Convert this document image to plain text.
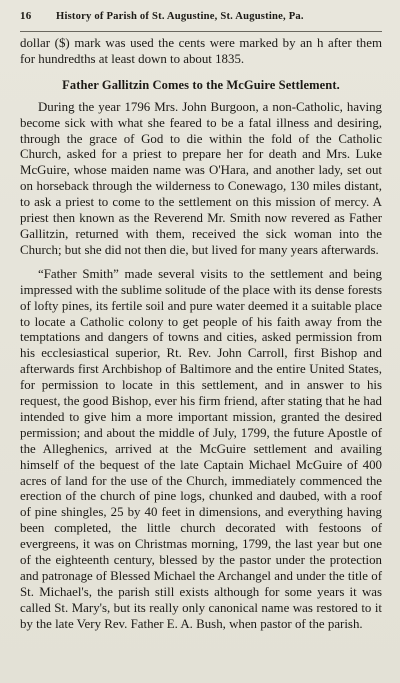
16	History of Parish of St. Augustine, St. Augustine, Pa.

dollar ($) mark was used the cents were marked by an h after them for hundredths at least down to about 1835.

Father Gallitzin Comes to the McGuire Settlement.

During the year 1796 Mrs. John Burgoon, a non-Catholic, having become sick with what she feared to be a fatal illness and desiring, through the grace of God to die within the fold of the Catholic Church, asked for a priest to prepare her for death and Mrs. Luke McGuire, whose maiden name was O'Hara, and another lady, set out on horseback through the wilderness to Conewago, 130 miles distant, to ask a priest to come to the settlement on this mission of mercy. A priest then known as the Reverend Mr. Smith now revered as Father Gallitzin, returned with them, received the sick woman into the Church; but she did not then die, but lived for many years afterwards.

“Father Smith” made several visits to the settlement and being impressed with the sublime solitude of the place with its dense forests of lofty pines, its fertile soil and pure water deemed it a suitable place to locate a Catholic colony to get people of his faith away from the temptations and dangers of towns and cities, asked permission from his ecclesiastical superior, Rt. Rev. John Carroll, first Bishop and afterwards first Archbishop of Baltimore and the entire United States, for permission to locate in this settlement, and in answer to his request, the good Bishop, ever his firm friend, after stating that he had intended to give him a more important mission, granted the desired permission; and about the middle of July, 1799, the future Apostle of the Alleghenics, arrived at the McGuire settlement and availing himself of the bequest of the late Captain Michael McGuire of 400 acres of land for the use of the Church, immediately commenced the erection of the church of pine logs, chunked and daubed, with a roof of pine shingles, 25 by 40 feet in dimensions, and everything having been completed, the little church decorated with festoons of evergreens, it was on Christmas morning, 1799, the last year but one of the eighteenth century, blessed by the pastor under the protection and patronage of Blessed Michael the Archangel and under the title of St. Michael's, the parish still exists although for some years it was called St. Mary's, but its really only canonical name was restored to it by the late Very Rev. Father E. A. Bush, when pastor of the parish.
